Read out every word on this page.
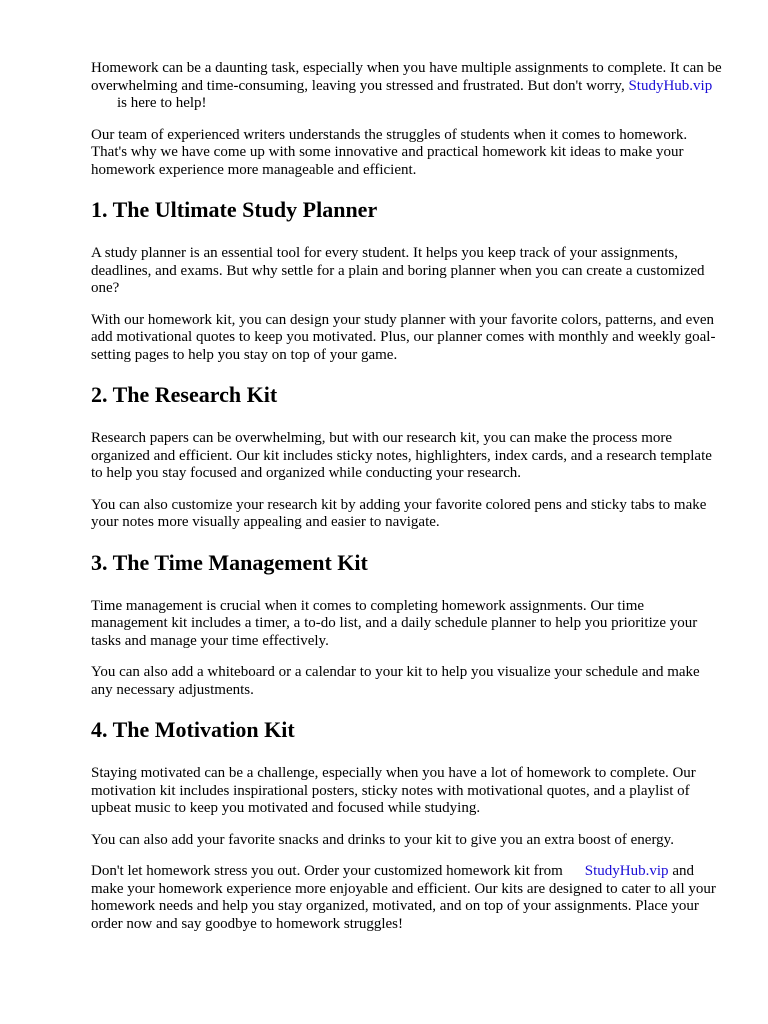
Homework can be a daunting task, especially when you have multiple assignments to complete. It can be overwhelming and time-consuming, leaving you stressed and frustrated. But don't worry, StudyHub.vipis here to help!

Our team of experienced writers understands the struggles of students when it comes to homework. That's why we have come up with some innovative and practical homework kit ideas to make your homework experience more manageable and efficient.

1. The Ultimate Study Planner

A study planner is an essential tool for every student. It helps you keep track of your assignments, deadlines, and exams. But why settle for a plain and boring planner when you can create a customized one?

With our homework kit, you can design your study planner with your favorite colors, patterns, and even add motivational quotes to keep you motivated. Plus, our planner comes with monthly and weekly goal-setting pages to help you stay on top of your game.

2. The Research Kit

Research papers can be overwhelming, but with our research kit, you can make the process more organized and efficient. Our kit includes sticky notes, highlighters, index cards, and a research template to help you stay focused and organized while conducting your research.

You can also customize your research kit by adding your favorite colored pens and sticky tabs to make your notes more visually appealing and easier to navigate.

3. The Time Management Kit

Time management is crucial when it comes to completing homework assignments. Our time management kit includes a timer, a to-do list, and a daily schedule planner to help you prioritize your tasks and manage your time effectively.

You can also add a whiteboard or a calendar to your kit to help you visualize your schedule and make any necessary adjustments.

4. The Motivation Kit

Staying motivated can be a challenge, especially when you have a lot of homework to complete. Our motivation kit includes inspirational posters, sticky notes with motivational quotes, and a playlist of upbeat music to keep you motivated and focused while studying.

You can also add your favorite snacks and drinks to your kit to give you an extra boost of energy.

Don't let homework stress you out. Order your customized homework kit from StudyHub.vip and make your homework experience more enjoyable and efficient. Our kits are designed to cater to all your homework needs and help you stay organized, motivated, and on top of your assignments. Place your order now and say goodbye to homework struggles!
